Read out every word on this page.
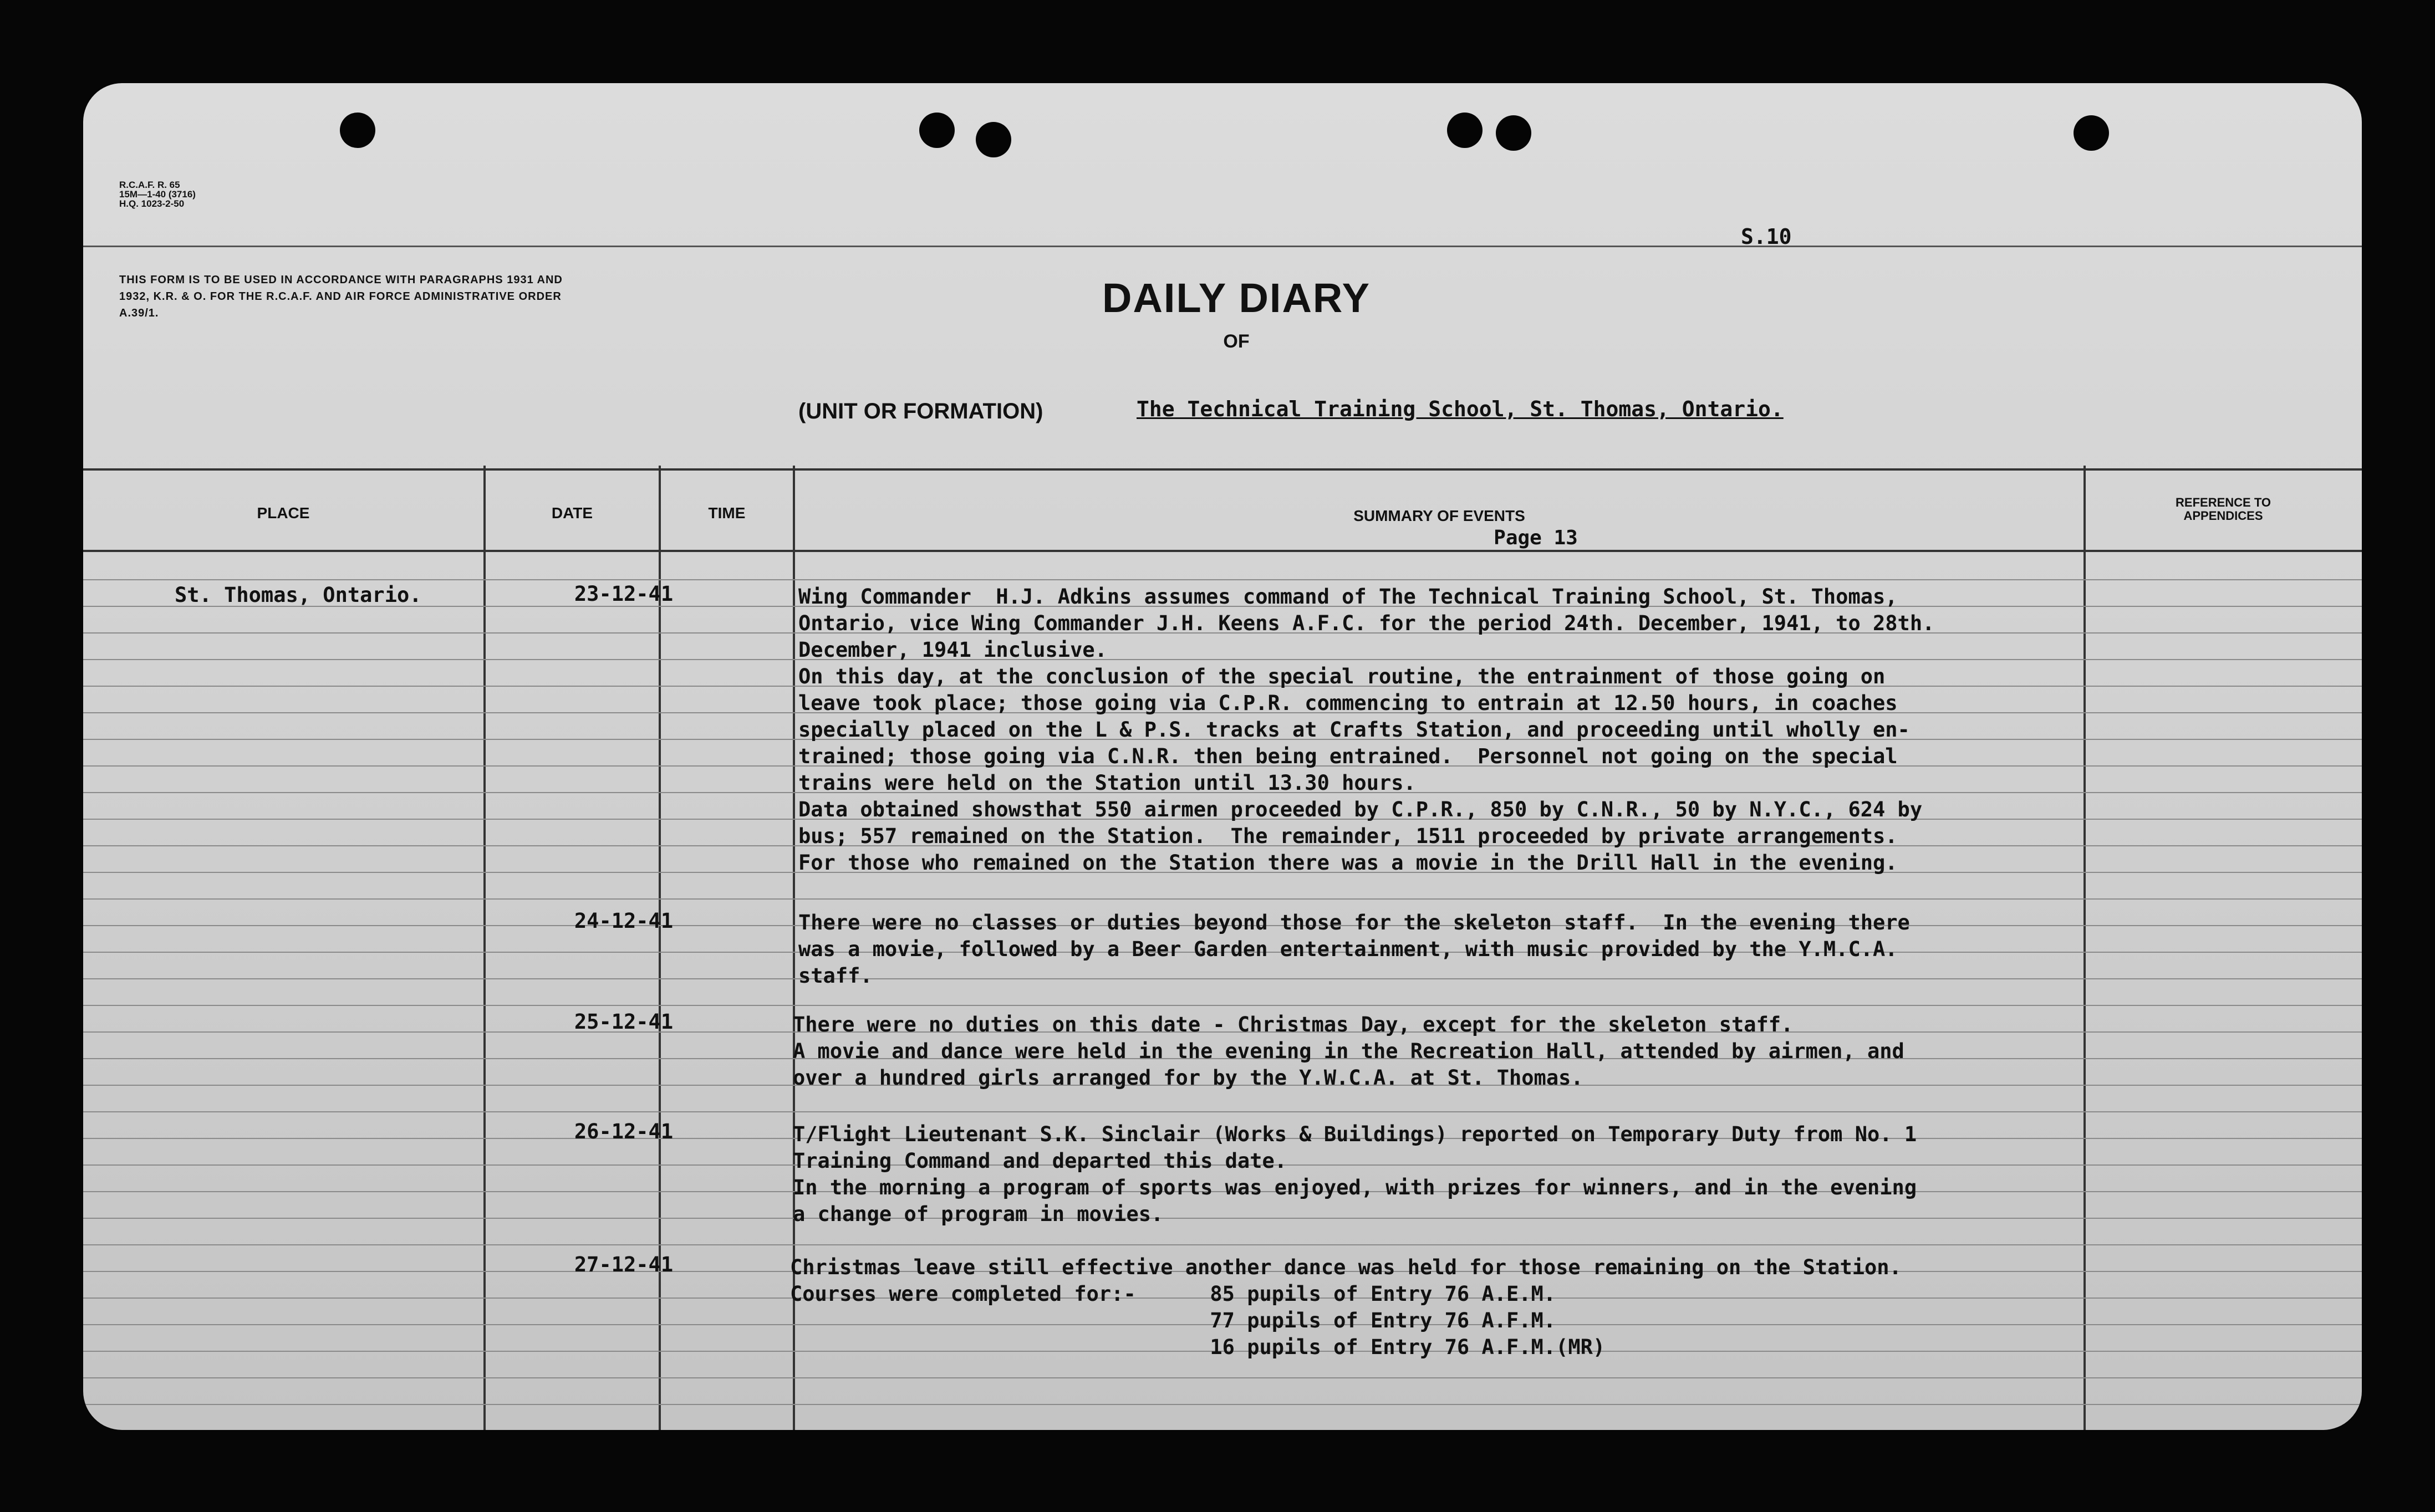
R.C.A.F. R. 65
15M—1-40 (3716)
H.Q. 1023-2-50
THIS FORM IS TO BE USED IN ACCORDANCE WITH PARAGRAPHS 1931 AND 1932, K.R. & O. FOR THE R.C.A.F. AND AIR FORCE ADMINISTRATIVE ORDER A.39/1.
S.10
DAILY DIARY
OF
(UNIT OR FORMATION)	The Technical Training School, St. Thomas, Ontario.
PLACE	DATE	TIME	SUMMARY OF EVENTS
REFERENCE TO APPENDICES
Page 13
St. Thomas, Ontario.	23-12-41	Wing Commander  H.J. Adkins assumes command of The Technical Training School, St. Thomas,
Ontario, vice Wing Commander J.H. Keens A.F.C. for the period 24th. December, 1941, to 28th.
December, 1941 inclusive.
On this day, at the conclusion of the special routine, the entrainment of those going on
leave took place; those going via C.P.R. commencing to entrain at 12.50 hours, in coaches
specially placed on the L & P.S. tracks at Crafts Station, and proceeding until wholly en-
trained; those going via C.N.R. then being entrained.  Personnel not going on the special
trains were held on the Station until 13.30 hours.
Data obtained showsthat 550 airmen proceeded by C.P.R., 850 by C.N.R., 50 by N.Y.C., 624 by
bus; 557 remained on the Station.  The remainder, 1511 proceeded by private arrangements.
For those who remained on the Station there was a movie in the Drill Hall in the evening.
24-12-41	There were no classes or duties beyond those for the skeleton staff.  In the evening there
was a movie, followed by a Beer Garden entertainment, with music provided by the Y.M.C.A.
staff.
25-12-41	There were no duties on this date - Christmas Day, except for the skeleton staff.
A movie and dance were held in the evening in the Recreation Hall, attended by airmen, and
over a hundred girls arranged for by the Y.W.C.A. at St. Thomas.
26-12-41	T/Flight Lieutenant S.K. Sinclair (Works & Buildings) reported on Temporary Duty from No. 1
Training Command and departed this date.
In the morning a program of sports was enjoyed, with prizes for winners, and in the evening
a change of program in movies.
27-12-41	Christmas leave still effective another dance was held for those remaining on the Station.
Courses were completed for:-      85 pupils of Entry 76 A.E.M.
77 pupils of Entry 76 A.F.M.
16 pupils of Entry 76 A.F.M.(MR)
